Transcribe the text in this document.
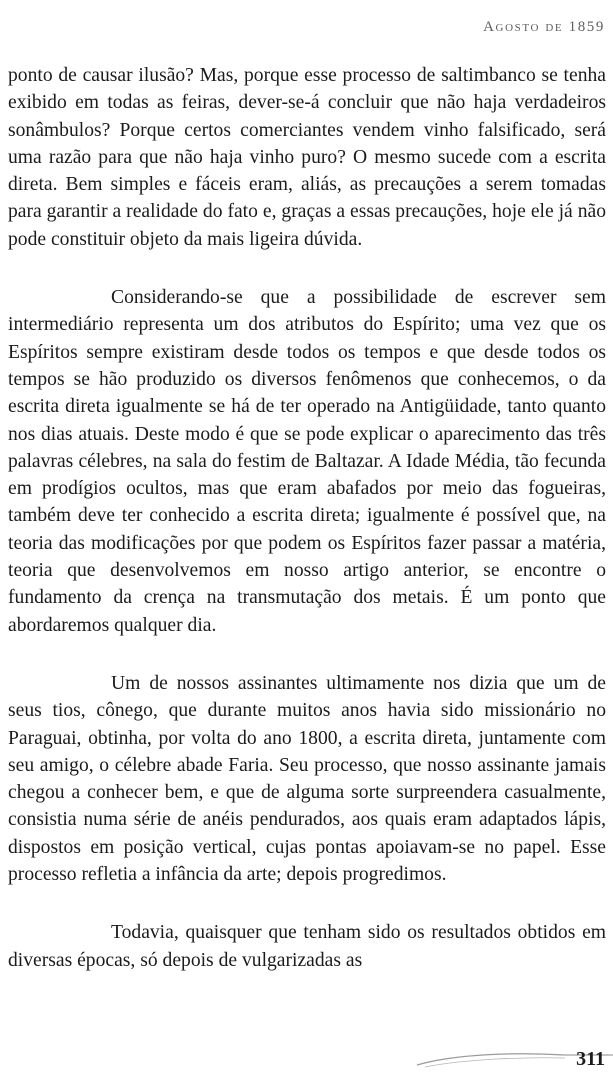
Agosto de 1859

ponto de causar ilusão? Mas, porque esse processo de saltimbanco se tenha exibido em todas as feiras, dever-se-á concluir que não haja verdadeiros sonâmbulos? Porque certos comerciantes vendem vinho falsificado, será uma razão para que não haja vinho puro? O mesmo sucede com a escrita direta. Bem simples e fáceis eram, aliás, as precauções a serem tomadas para garantir a realidade do fato e, graças a essas precauções, hoje ele já não pode constituir objeto da mais ligeira dúvida.

Considerando-se que a possibilidade de escrever sem intermediário representa um dos atributos do Espírito; uma vez que os Espíritos sempre existiram desde todos os tempos e que desde todos os tempos se hão produzido os diversos fenômenos que conhecemos, o da escrita direta igualmente se há de ter operado na Antigüidade, tanto quanto nos dias atuais. Deste modo é que se pode explicar o aparecimento das três palavras célebres, na sala do festim de Baltazar. A Idade Média, tão fecunda em prodígios ocultos, mas que eram abafados por meio das fogueiras, também deve ter conhecido a escrita direta; igualmente é possível que, na teoria das modificações por que podem os Espíritos fazer passar a matéria, teoria que desenvolvemos em nosso artigo anterior, se encontre o fundamento da crença na transmutação dos metais. É um ponto que abordaremos qualquer dia.

Um de nossos assinantes ultimamente nos dizia que um de seus tios, cônego, que durante muitos anos havia sido missionário no Paraguai, obtinha, por volta do ano 1800, a escrita direta, juntamente com seu amigo, o célebre abade Faria. Seu processo, que nosso assinante jamais chegou a conhecer bem, e que de alguma sorte surpreendera casualmente, consistia numa série de anéis pendurados, aos quais eram adaptados lápis, dispostos em posição vertical, cujas pontas apoiavam-se no papel. Esse processo refletia a infância da arte; depois progredimos.

Todavia, quaisquer que tenham sido os resultados obtidos em diversas épocas, só depois de vulgarizadas as

311
